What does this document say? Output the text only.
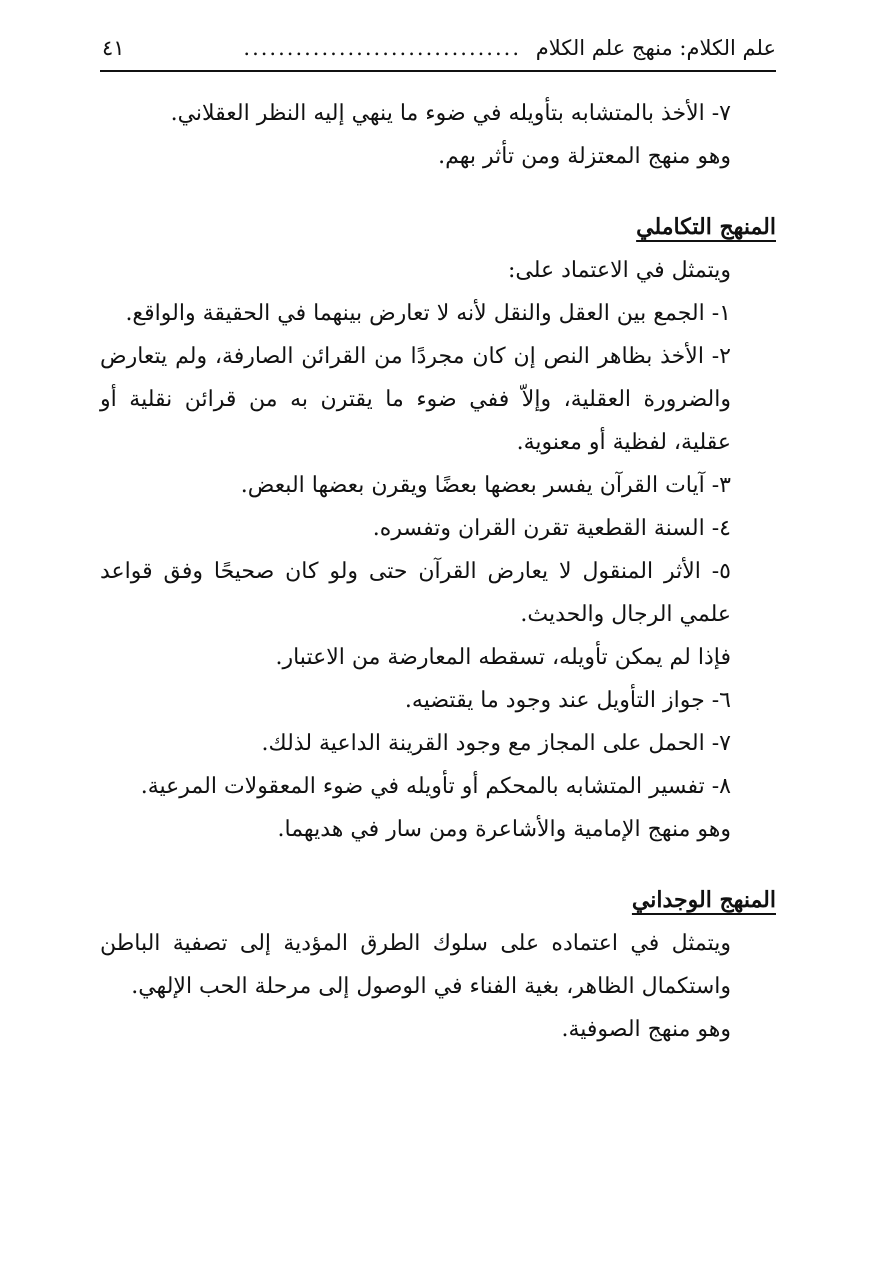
علم الكلام: منهج علم الكلام
................................
٤١

٧- الأخذ بالمتشابه بتأويله في ضوء ما ينهي إليه النظر العقلاني.

وهو منهج المعتزلة ومن تأثر بهم.

المنهج التكاملي

ويتمثل في الاعتماد على:

١- الجمع بين العقل والنقل لأنه لا تعارض بينهما في الحقيقة والواقع.

٢- الأخذ بظاهر النص إن كان مجردًا من القرائن الصارفة، ولم يتعارض والضرورة العقلية، وإلاّ ففي ضوء ما يقترن به من قرائن نقلية أو عقلية، لفظية أو معنوية.

٣- آيات القرآن يفسر بعضها بعضًا ويقرن بعضها البعض.

٤- السنة القطعية تقرن القران وتفسره.

٥- الأثر المنقول لا يعارض القرآن حتى ولو كان صحيحًا وفق قواعد علمي الرجال والحديث.

فإذا لم يمكن تأويله، تسقطه المعارضة من الاعتبار.

٦- جواز التأويل عند وجود ما يقتضيه.

٧- الحمل على المجاز مع وجود القرينة الداعية لذلك.

٨- تفسير المتشابه بالمحكم أو تأويله في ضوء المعقولات المرعية.

وهو منهج الإمامية والأشاعرة ومن سار في هديهما.

المنهج الوجداني

ويتمثل في اعتماده على سلوك الطرق المؤدية إلى تصفية الباطن واستكمال الظاهر، بغية الفناء في الوصول إلى مرحلة الحب الإلهي.

وهو منهج الصوفية.
